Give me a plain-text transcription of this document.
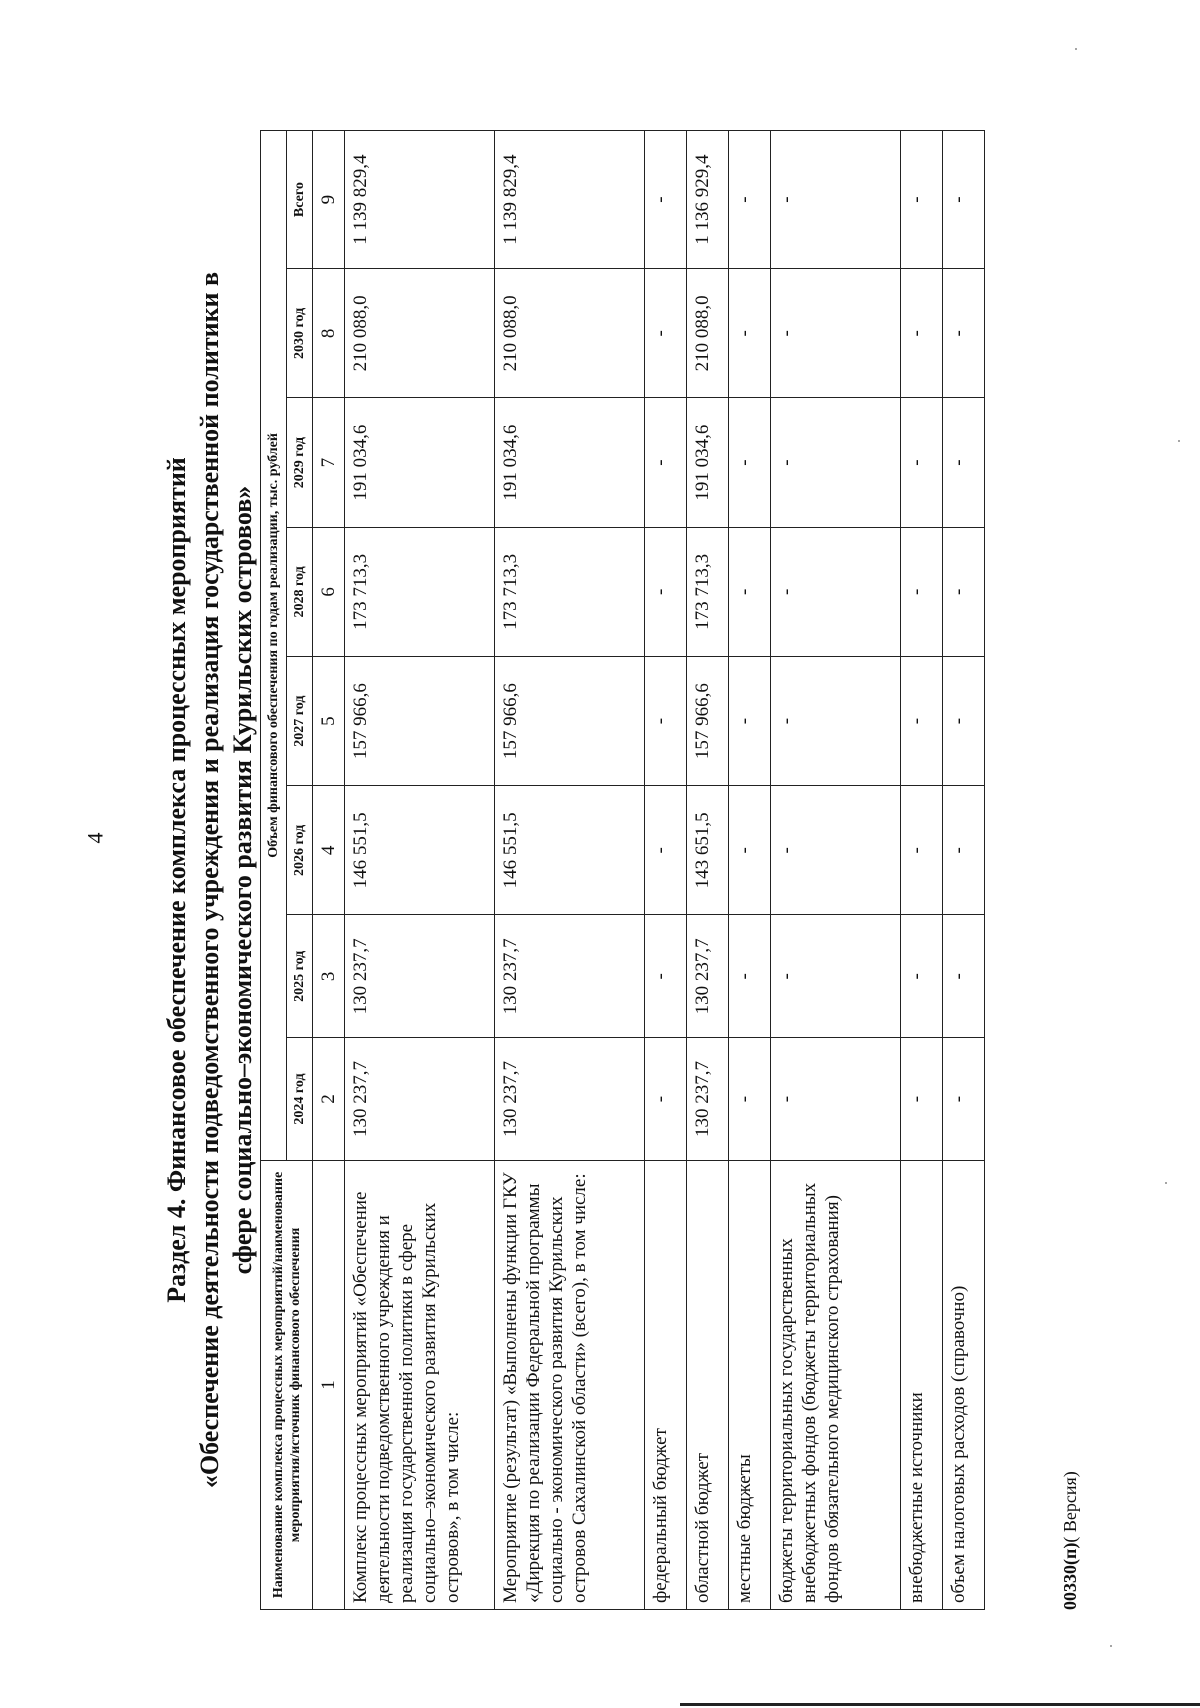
4 Раздел 4. Финансовое обеспечение комплекса процессных мероприятий «Обеспечение деятельности подведомственного учреждения и реализация государственной политики в сфере социально–экономического развития Курильских островов»
Наименование комплекса процессных мероприятий/наименование мероприятия/источник финансового обеспечения	Объем финансового обеспечения по годам реализации, тыс. рублей							
	2024 год	2025 год	2026 год	2027 год	2028 год	2029 год	2030 год	Всего
1	2	3	4	5	6	7	8	9
Комплекс процессных мероприятий «Обеспечение деятельности подведомственного учреждения и реализация государственной политики в сфере социально–экономического развития Курильских островов», в том числе:	130 237,7	130 237,7	146 551,5	157 966,6	173 713,3	191 034,6	210 088,0	1 139 829,4
Мероприятие (результат) «Выполнены функции ГКУ «Дирекция по реализации Федеральной программы социально - экономического развития Курильских островов Сахалинской области» (всего), в том числе:	130 237,7	130 237,7	146 551,5	157 966,6	173 713,3	191 034,6	210 088,0	1 139 829,4
федеральный бюджет	-	-	-	-	-	-	-	-
областной бюджет	130 237,7	130 237,7	143 651,5	157 966,6	173 713,3	191 034,6	210 088,0	1 136 929,4
местные бюджеты	-	-	-	-	-	-	-	-
бюджеты территориальных государственных внебюджетных фондов (бюджеты территориальных фондов обязательного медицинского страхования)	-	-	-	-	-	-	-	-
внебюджетные источники	-	-	-	-	-	-	-	-
объем налоговых расходов (справочно)	-	-	-	-	-	-	-	-
00330(п)( Версия)
